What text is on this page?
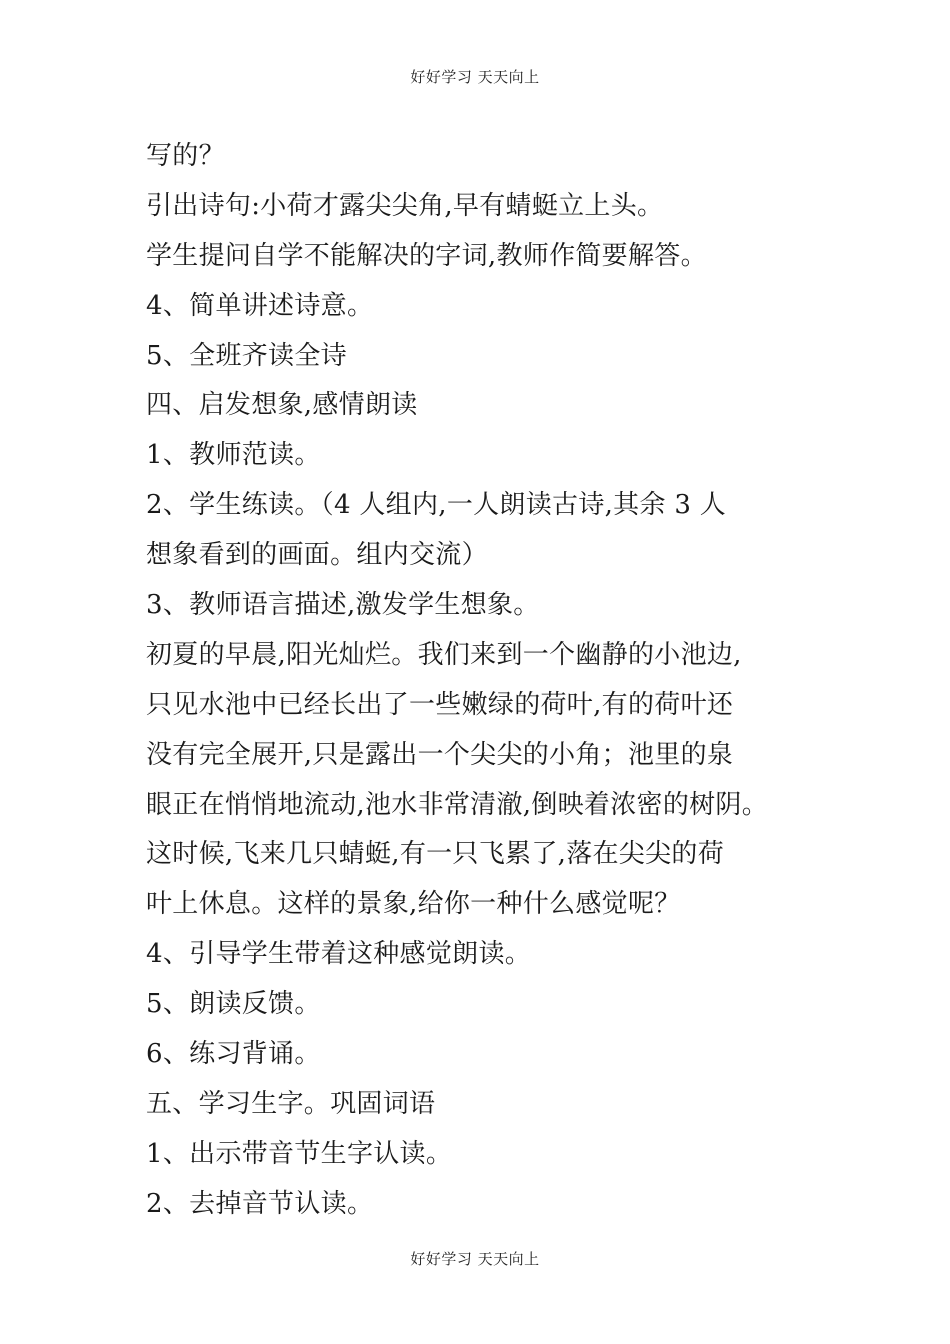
好好学习 天天向上
写的？
引出诗句:小荷才露尖尖角,早有蜻蜓立上头。
学生提问自学不能解决的字词,教师作简要解答。
4、简单讲述诗意。
5、全班齐读全诗
四、启发想象,感情朗读
1、教师范读。
2、学生练读。（4 人组内,一人朗读古诗,其余 3 人
想象看到的画面。组内交流）
3、教师语言描述,激发学生想象。
初夏的早晨,阳光灿烂。我们来到一个幽静的小池边,
只见水池中已经长出了一些嫩绿的荷叶,有的荷叶还
没有完全展开,只是露出一个尖尖的小角；池里的泉
眼正在悄悄地流动,池水非常清澈,倒映着浓密的树阴。
这时候,飞来几只蜻蜓,有一只飞累了,落在尖尖的荷
叶上休息。这样的景象,给你一种什么感觉呢？
4、引导学生带着这种感觉朗读。
5、朗读反馈。
6、练习背诵。
五、学习生字。巩固词语
1、出示带音节生字认读。
2、去掉音节认读。
好好学习 天天向上
